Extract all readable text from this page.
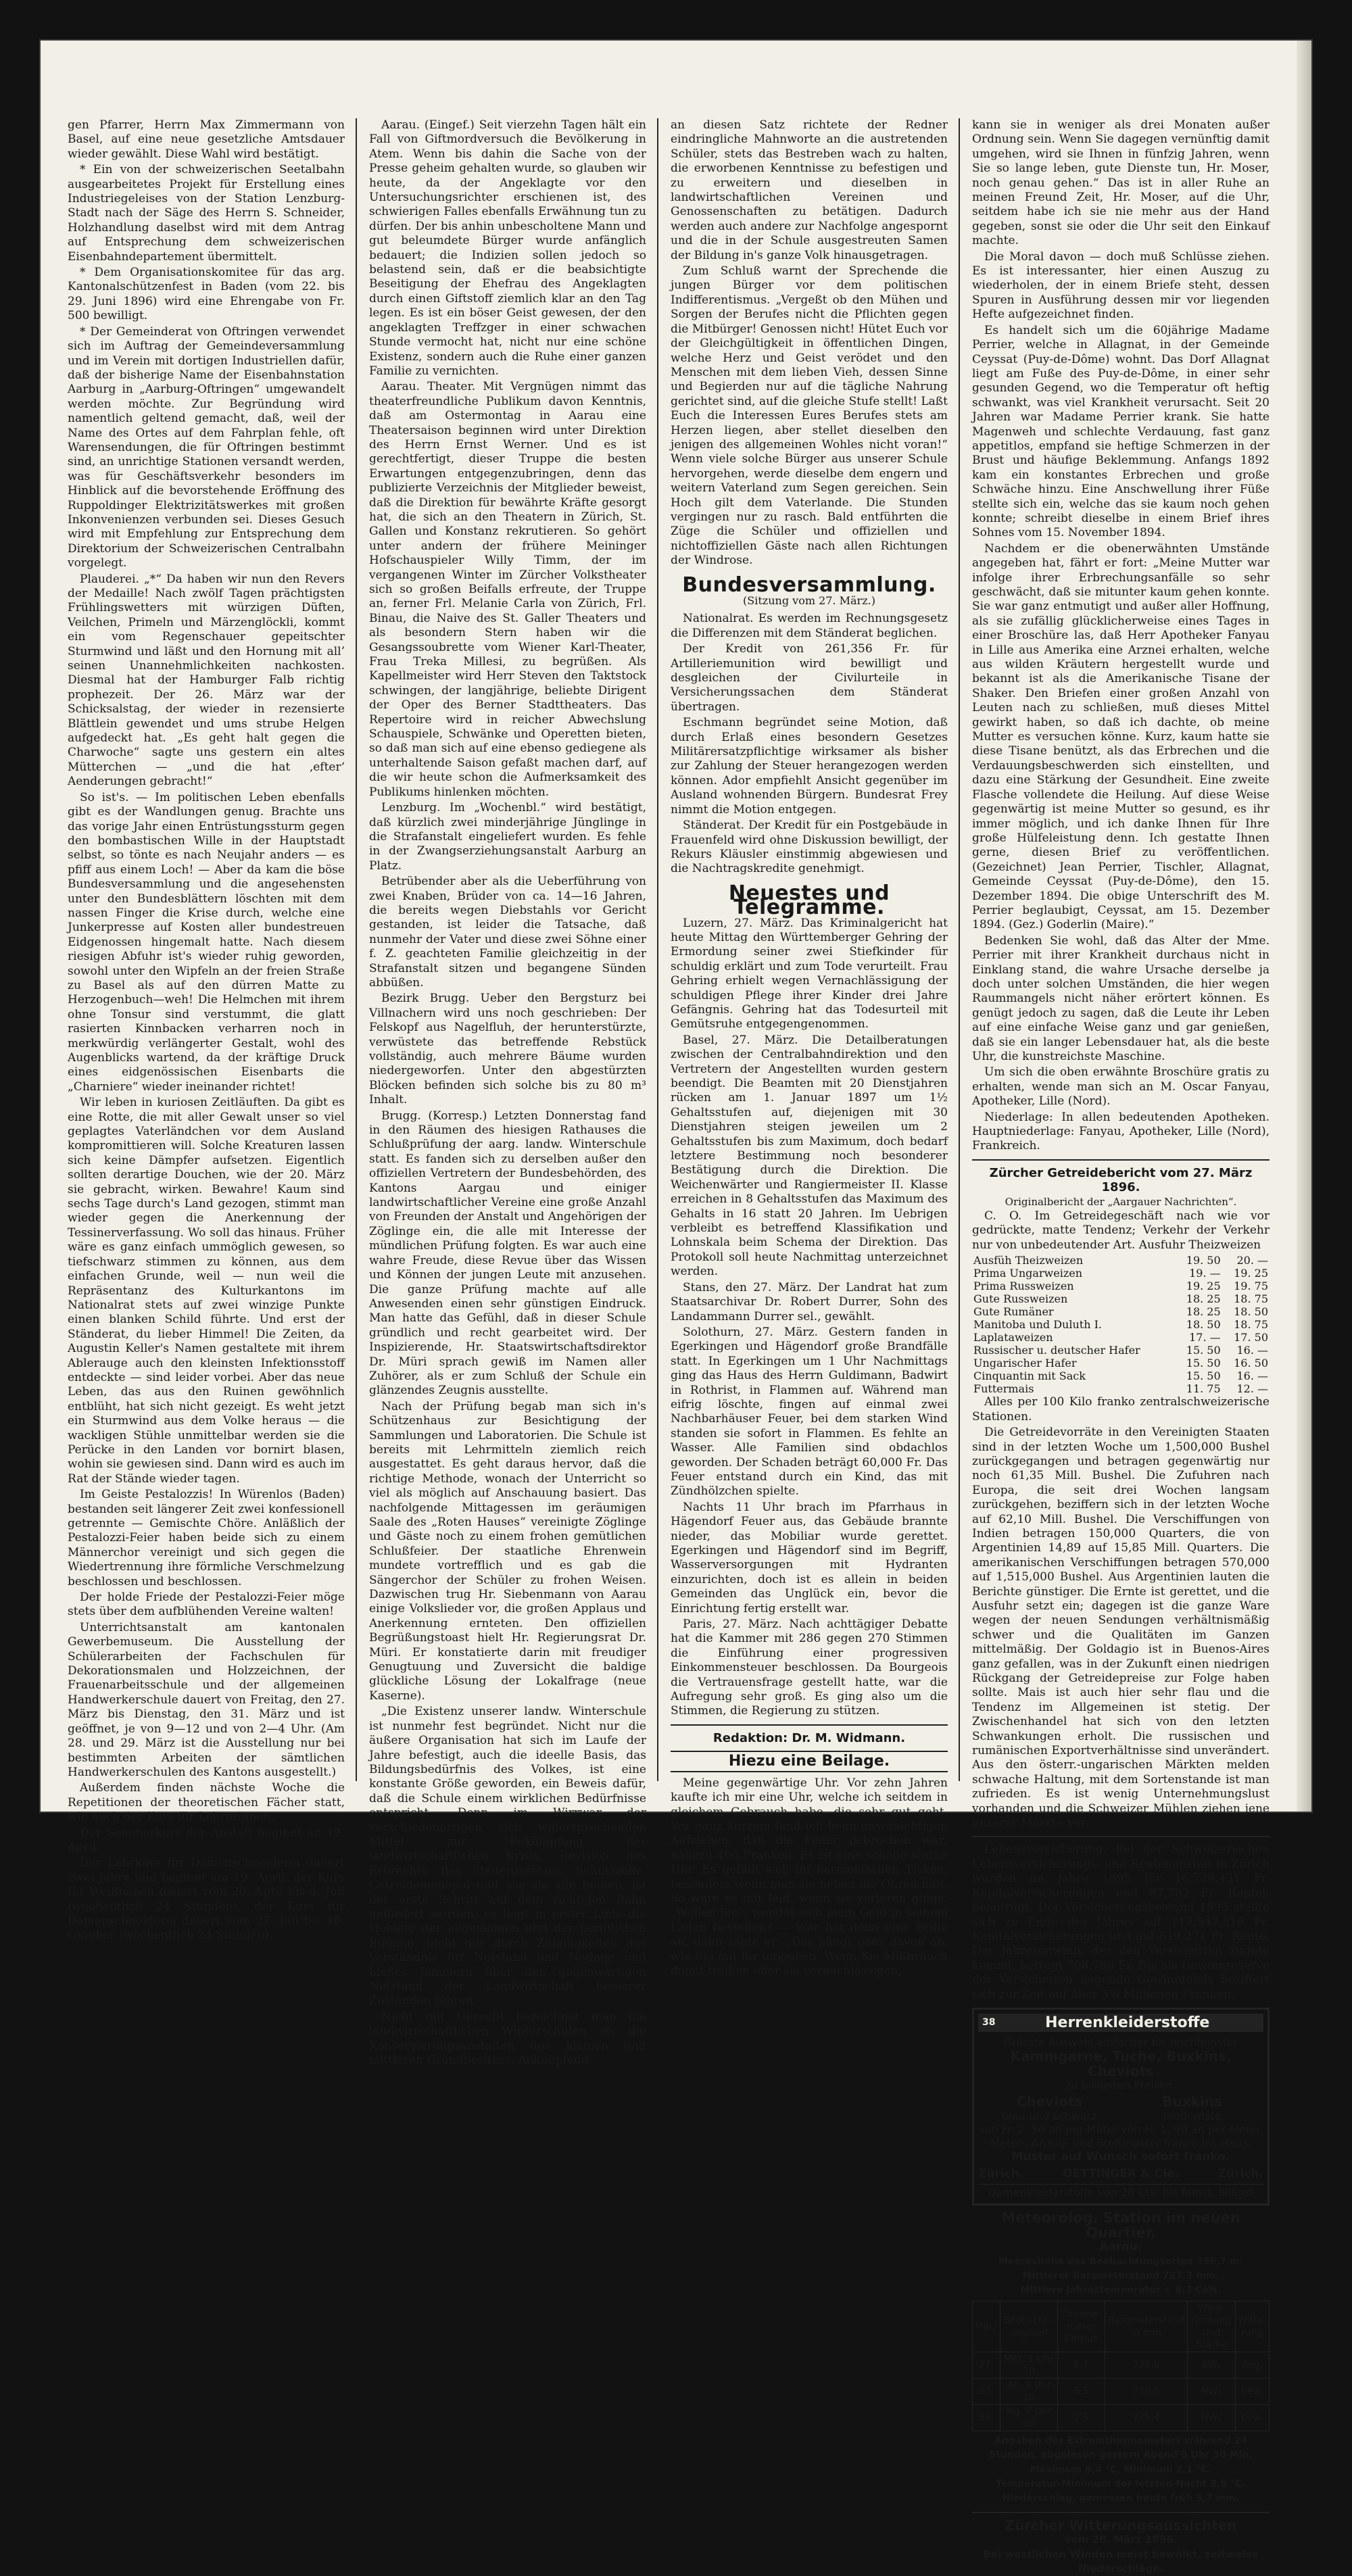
gen Pfarrer, Herrn Max Zimmermann von Basel, auf eine neue gesetzliche Amtsdauer wieder gewählt. Diese Wahl wird bestätigt.

* Ein von der schweizerischen Seetalbahn ausgearbeitetes Projekt für Erstellung eines Industriegeleises von der Station Lenzburg-Stadt nach der Säge des Herrn S. Schneider, Holzhandlung daselbst wird mit dem Antrag auf Entsprechung dem schweizerischen Eisenbahndepartement übermittelt.

* Dem Organisationskomitee für das arg. Kantonalschützenfest in Baden (vom 22. bis 29. Juni 1896) wird eine Ehrengabe von Fr. 500 bewilligt.

* Der Gemeinderat von Oftringen verwendet sich im Auftrag der Gemeindeversammlung und im Verein mit dortigen Industriellen dafür, daß der bisherige Name der Eisenbahnstation Aarburg in „Aarburg-Oftringen“ umgewandelt werden möchte. Zur Begründung wird namentlich geltend gemacht, daß, weil der Name des Ortes auf dem Fahrplan fehle, oft Warensendungen, die für Oftringen bestimmt sind, an unrichtige Stationen versandt werden, was für Geschäftsverkehr besonders im Hinblick auf die bevorstehende Eröffnung des Ruppoldinger Elektrizitätswerkes mit großen Inkonvenienzen verbunden sei. Dieses Gesuch wird mit Empfehlung zur Entsprechung dem Direktorium der Schweizerischen Centralbahn vorgelegt.

Plauderei. „*“ Da haben wir nun den Revers der Medaille! Nach zwölf Tagen prächtigsten Frühlingswetters mit würzigen Düften, Veilchen, Primeln und Märzenglöckli, kommt ein vom Regenschauer gepeitschter Sturmwind und läßt und den Hornung mit all’ seinen Unannehmlichkeiten nachkosten. Diesmal hat der Hamburger Falb richtig prophezeit. Der 26. März war der Schicksalstag, der wieder in rezensierte Blättlein gewendet und ums strube Helgen aufgedeckt hat. „Es geht halt gegen die Charwoche“ sagte uns gestern ein altes Mütterchen — „und die hat ‚efter‘ Aenderungen gebracht!“

So ist's. — Im politischen Leben ebenfalls gibt es der Wandlungen genug. Brachte uns das vorige Jahr einen Entrüstungssturm gegen den bombastischen Wille in der Hauptstadt selbst, so tönte es nach Neujahr anders — es pfiff aus einem Loch! — Aber da kam die böse Bundesversammlung und die angesehensten unter den Bundesblättern löschten mit dem nassen Finger die Krise durch, welche eine Junkerpresse auf Kosten aller bundestreuen Eidgenossen hingemalt hatte. Nach diesem riesigen Abfuhr ist's wieder ruhig geworden, sowohl unter den Wipfeln an der freien Straße zu Basel als auf den dürren Matte zu Herzogenbuch—weh! Die Helmchen mit ihrem ohne Tonsur sind verstummt, die glatt rasierten Kinnbacken verharren noch in merkwürdig verlängerter Gestalt, wohl des Augenblicks wartend, da der kräftige Druck eines eidgenössischen Eisenbarts die „Charniere“ wieder ineinander richtet!

Wir leben in kuriosen Zeitläuften. Da gibt es eine Rotte, die mit aller Gewalt unser so viel geplagtes Vaterländchen vor dem Ausland kompromittieren will. Solche Kreaturen lassen sich keine Dämpfer aufsetzen. Eigentlich sollten derartige Douchen, wie der 20. März sie gebracht, wirken. Bewahre! Kaum sind sechs Tage durch's Land gezogen, stimmt man wieder gegen die Anerkennung der Tessinerverfassung. Wo soll das hinaus. Früher wäre es ganz einfach ummöglich gewesen, so tiefschwarz stimmen zu können, aus dem einfachen Grunde, weil — nun weil die Repräsentanz des Kulturkantons im Nationalrat stets auf zwei winzige Punkte einen blanken Schild führte. Und erst der Ständerat, du lieber Himmel! Die Zeiten, da Augustin Keller's Namen gestaltete mit ihrem Ablerauge auch den kleinsten Infektionsstoff entdeckte — sind leider vorbei. Aber das neue Leben, das aus den Ruinen gewöhnlich entblüht, hat sich nicht gezeigt. Es weht jetzt ein Sturmwind aus dem Volke heraus — die wackligen Stühle unmittelbar werden sie die Perücke in den Landen vor bornirt blasen, wohin sie gewiesen sind. Dann wird es auch im Rat der Stände wieder tagen.

Im Geiste Pestalozzis! In Würenlos (Baden) bestanden seit längerer Zeit zwei konfessionell getrennte — Gemischte Chöre. Anläßlich der Pestalozzi-Feier haben beide sich zu einem Männerchor vereinigt und sich gegen die Wiedertrennung ihre förmliche Verschmelzung beschlossen und beschlossen.

Der holde Friede der Pestalozzi-Feier möge stets über dem aufblühenden Vereine walten!

Unterrichtsanstalt am kantonalen Gewerbemuseum. Die Ausstellung der Schülerarbeiten der Fachschulen für Dekorationsmalen und Holzzeichnen, der Frauenarbeitsschule und der allgemeinen Handwerkerschule dauert von Freitag, den 27. März bis Dienstag, den 31. März und ist geöffnet, je von 9—12 und von 2—4 Uhr. (Am 28. und 29. März ist die Ausstellung nur bei bestimmten Arbeiten der sämtlichen Handwerkerschulen des Kantons ausgestellt.)

Außerdem finden nächste Woche die Repetitionen der theoretischen Fächer statt, wie auch der Kurs für Lehrerinnen.

Der Sommerkurs der Anstalt beginnt an 19. April.

Der Lehrkurs für Damenschneiderei dauert zwei Jahre und beginnt am 19. April, der Kurs für Weißnähen dauert vom 20. April bis 4. Juli (wöchentlich 24 Stunden), der Kurs für Damenschneiderei dauert vom 27. Juli bis 10. Oktober (wöchentlich 24 Stunden).

Aarau. (Eingef.) Seit vierzehn Tagen hält ein Fall von Giftmordversuch die Bevölkerung in Atem. Wenn bis dahin die Sache von der Presse geheim gehalten wurde, so glauben wir heute, da der Angeklagte vor den Untersuchungsrichter erschienen ist, des schwierigen Falles ebenfalls Erwähnung tun zu dürfen. Der bis anhin unbescholtene Mann und gut beleumdete Bürger wurde anfänglich bedauert; die Indizien sollen jedoch so belastend sein, daß er die beabsichtigte Beseitigung der Ehefrau des Angeklagten durch einen Giftstoff ziemlich klar an den Tag legen. Es ist ein böser Geist gewesen, der den angeklagten Treffzger in einer schwachen Stunde vermocht hat, nicht nur eine schöne Existenz, sondern auch die Ruhe einer ganzen Familie zu vernichten.

Aarau. Theater. Mit Vergnügen nimmt das theaterfreundliche Publikum davon Kenntnis, daß am Ostermontag in Aarau eine Theatersaison beginnen wird unter Direktion des Herrn Ernst Werner. Und es ist gerechtfertigt, dieser Truppe die besten Erwartungen entgegenzubringen, denn das publizierte Verzeichnis der Mitglieder beweist, daß die Direktion für bewährte Kräfte gesorgt hat, die sich an den Theatern in Zürich, St. Gallen und Konstanz rekrutieren. So gehört unter andern der frühere Meininger Hofschauspieler Willy Timm, der im vergangenen Winter im Zürcher Volkstheater sich so großen Beifalls erfreute, der Truppe an, ferner Frl. Melanie Carla von Zürich, Frl. Binau, die Naive des St. Galler Theaters und als besondern Stern haben wir die Gesangssoubrette vom Wiener Karl-Theater, Frau Treka Millesi, zu begrüßen. Als Kapellmeister wird Herr Steven den Taktstock schwingen, der langjährige, beliebte Dirigent der Oper des Berner Stadttheaters. Das Repertoire wird in reicher Abwechslung Schauspiele, Schwänke und Operetten bieten, so daß man sich auf eine ebenso gediegene als unterhaltende Saison gefaßt machen darf, auf die wir heute schon die Aufmerksamkeit des Publikums hinlenken möchten.

Lenzburg. Im „Wochenbl.“ wird bestätigt, daß kürzlich zwei minderjährige Jünglinge in die Strafanstalt eingeliefert wurden. Es fehle in der Zwangserziehungsanstalt Aarburg an Platz.

Betrübender aber als die Ueberführung von zwei Knaben, Brüder von ca. 14—16 Jahren, die bereits wegen Diebstahls vor Gericht gestanden, ist leider die Tatsache, daß nunmehr der Vater und diese zwei Söhne einer f. Z. geachteten Familie gleichzeitig in der Strafanstalt sitzen und begangene Sünden abbüßen.

Bezirk Brugg. Ueber den Bergsturz bei Villnachern wird uns noch geschrieben: Der Felskopf aus Nagelfluh, der herunterstürzte, verwüstete das betreffende Rebstück vollständig, auch mehrere Bäume wurden niedergeworfen. Unter den abgestürzten Blöcken befinden sich solche bis zu 80 m³ Inhalt.

Brugg. (Korresp.) Letzten Donnerstag fand in den Räumen des hiesigen Rathauses die Schlußprüfung der aarg. landw. Winterschule statt. Es fanden sich zu derselben außer den offiziellen Vertretern der Bundesbehörden, des Kantons Aargau und einiger landwirtschaftlicher Vereine eine große Anzahl von Freunden der Anstalt und Angehörigen der Zöglinge ein, die alle mit Interesse der mündlichen Prüfung folgten. Es war auch eine wahre Freude, diese Revue über das Wissen und Können der jungen Leute mit anzusehen. Die ganze Prüfung machte auf alle Anwesenden einen sehr günstigen Eindruck. Man hatte das Gefühl, daß in dieser Schule gründlich und recht gearbeitet wird. Der Inspizierende, Hr. Staatswirtschaftsdirektor Dr. Müri sprach gewiß im Namen aller Zuhörer, als er zum Schluß der Schule ein glänzendes Zeugnis ausstellte.

Nach der Prüfung begab man sich in's Schützenhaus zur Besichtigung der Sammlungen und Laboratorien. Die Schule ist bereits mit Lehrmitteln ziemlich reich ausgestattet. Es geht daraus hervor, daß die richtige Methode, wonach der Unterricht so viel als möglich auf Anschauung basiert. Das nachfolgende Mittagessen im geräumigen Saale des „Roten Hauses“ vereinigte Zöglinge und Gäste noch zu einem frohen gemütlichen Schlußfeier. Der staatliche Ehrenwein mundete vortrefflich und es gab die Sängerchor der Schüler zu frohen Weisen. Dazwischen trug Hr. Siebenmann von Aarau einige Volkslieder vor, die großen Applaus und Anerkennung ernteten. Den offiziellen Begrüßungstoast hielt Hr. Regierungsrat Dr. Müri. Er konstatierte darin mit freudiger Genugtuung und Zuversicht die baldige glückliche Lösung der Lokalfrage (neue Kaserne).

„Die Existenz unserer landw. Winterschule ist nunmehr fest begründet. Nicht nur die äußere Organisation hat sich im Laufe der Jahre befestigt, auch die ideelle Basis, das Bildungsbedürfnis des Volkes, ist eine konstante Größe geworden, ein Beweis dafür, daß die Schule einem wirklichen Bedürfnisse entspricht. Denn im Wirrwar der verschiedenartigen sich widersprechenden Mittel zur Bekämpfung der landwirtschaftlichen Krisis, Revision des Erbrechts, des Steuergesetzes, Schutzzölle, Getreidemonopol und wie sie alle heißen, ist der erste Schritt auf dem richtigen Bahn gefördert worden; es liegt in erster Linie die Hebung der allgemeinen und der beruflichen Bildung, nicht nur durch Zufälligkeiten das Verständnis für Notstand und Notlage und bloßes Jammern über den gegenwärtigen Notstand der Landwirtschaft besserer Zuständen führen.

Nicht mit Unrecht bezeichnet man die landwirtschaftlichen Winterschulen als die Konservierungsanstalten des kleinen und mittleren Grundbesitzes. Anknüpfend

an diesen Satz richtete der Redner eindringliche Mahnworte an die austretenden Schüler, stets das Bestreben wach zu halten, die erworbenen Kenntnisse zu befestigen und zu erweitern und dieselben in landwirtschaftlichen Vereinen und Genossenschaften zu betätigen. Dadurch werden auch andere zur Nachfolge angespornt und die in der Schule ausgestreuten Samen der Bildung in's ganze Volk hinausgetragen.

Zum Schluß warnt der Sprechende die jungen Bürger vor dem politischen Indifferentismus. „Vergeßt ob den Mühen und Sorgen der Berufes nicht die Pflichten gegen die Mitbürger! Genossen nicht! Hütet Euch vor der Gleichgültigkeit in öffentlichen Dingen, welche Herz und Geist verödet und den Menschen mit dem lieben Vieh, dessen Sinne und Begierden nur auf die tägliche Nahrung gerichtet sind, auf die gleiche Stufe stellt! Laßt Euch die Interessen Eures Berufes stets am Herzen liegen, aber stellet dieselben den jenigen des allgemeinen Wohles nicht voran!“ Wenn viele solche Bürger aus unserer Schule hervorgehen, werde dieselbe dem engern und weitern Vaterland zum Segen gereichen. Sein Hoch gilt dem Vaterlande. Die Stunden vergingen nur zu rasch. Bald entführten die Züge die Schüler und offiziellen und nichtoffiziellen Gäste nach allen Richtungen der Windrose.

Bundesversammlung.
(Sitzung vom 27. März.)

Nationalrat. Es werden im Rechnungsgesetz die Differenzen mit dem Ständerat beglichen.

Der Kredit von 261,356 Fr. für Artilleriemunition wird bewilligt und desgleichen der Civilurteile in Versicherungssachen dem Ständerat übertragen.

Eschmann begründet seine Motion, daß durch Erlaß eines besondern Gesetzes Militärersatzpflichtige wirksamer als bisher zur Zahlung der Steuer herangezogen werden können. Ador empfiehlt Ansicht gegenüber im Ausland wohnenden Bürgern. Bundesrat Frey nimmt die Motion entgegen.

Ständerat. Der Kredit für ein Postgebäude in Frauenfeld wird ohne Diskussion bewilligt, der Rekurs Kläusler einstimmig abgewiesen und die Nachtragskredite genehmigt.

Neuestes und Telegramme.

Luzern, 27. März. Das Kriminalgericht hat heute Mittag den Württemberger Gehring der Ermordung seiner zwei Stiefkinder für schuldig erklärt und zum Tode verurteilt. Frau Gehring erhielt wegen Vernachlässigung der schuldigen Pflege ihrer Kinder drei Jahre Gefängnis. Gehring hat das Todesurteil mit Gemütsruhe entgegengenommen.

Basel, 27. März. Die Detailberatungen zwischen der Centralbahndirektion und den Vertretern der Angestellten wurden gestern beendigt. Die Beamten mit 20 Dienstjahren rücken am 1. Januar 1897 um 1½ Gehaltsstufen auf, diejenigen mit 30 Dienstjahren steigen jeweilen um 2 Gehaltsstufen bis zum Maximum, doch bedarf letztere Bestimmung noch besonderer Bestätigung durch die Direktion. Die Weichenwärter und Rangiermeister II. Klasse erreichen in 8 Gehaltsstufen das Maximum des Gehalts in 16 statt 20 Jahren. Im Uebrigen verbleibt es betreffend Klassifikation und Lohnskala beim Schema der Direktion. Das Protokoll soll heute Nachmittag unterzeichnet werden.

Stans, den 27. März. Der Landrat hat zum Staatsarchivar Dr. Robert Durrer, Sohn des Landammann Durrer sel., gewählt.

Solothurn, 27. März. Gestern fanden in Egerkingen und Hägendorf große Brandfälle statt. In Egerkingen um 1 Uhr Nachmittags ging das Haus des Herrn Guldimann, Badwirt in Rothrist, in Flammen auf. Während man eifrig löschte, fingen auf einmal zwei Nachbarhäuser Feuer, bei dem starken Wind standen sie sofort in Flammen. Es fehlte an Wasser. Alle Familien sind obdachlos geworden. Der Schaden beträgt 60,000 Fr. Das Feuer entstand durch ein Kind, das mit Zündhölzchen spielte.

Nachts 11 Uhr brach im Pfarrhaus in Hägendorf Feuer aus, das Gebäude brannte nieder, das Mobiliar wurde gerettet. Egerkingen und Hägendorf sind im Begriff, Wasserversorgungen mit Hydranten einzurichten, doch ist es allein in beiden Gemeinden das Unglück ein, bevor die Einrichtung fertig erstellt war.

Paris, 27. März. Nach achttägiger Debatte hat die Kammer mit 286 gegen 270 Stimmen die Einführung einer progressiven Einkommensteuer beschlossen. Da Bourgeois die Vertrauensfrage gestellt hatte, war die Aufregung sehr groß. Es ging also um die Stimmen, die Regierung zu stützen.

Redaktion: Dr. M. Widmann.
Hiezu eine Beilage.

Meine gegenwärtige Uhr. Vor zehn Jahren kaufte ich mir eine Uhr, welche ich seitdem in gleichem Gebrauch habe, die sehr gut geht. Vor ganz kurzem fand ich beim unvorsichtigen Aufziehen, daß die Feder gebrochen war; nahezu 400 Franken. Es ist eine schöne starke Uhr. Es gefällt sich im harmonischen Ticken, besonders wenn man sie neben die Ohren hält. So wäre es mir leid, wenn sie verloren ginge. „Wollen Sie“, wendet sich mein Geld in seinem Laden bestellen? — Wer hat denn eine Brille an, dann sagte er: „Das hängt ganz davon ab, wie Sie mit ihr umgehen. Wenn Sie Mißbrauch damit treiben oder sie vernachlässigen,

kann sie in weniger als drei Monaten außer Ordnung sein. Wenn Sie dagegen vernünftig damit umgehen, wird sie Ihnen in fünfzig Jahren, wenn Sie so lange leben, gute Dienste tun, Hr. Moser, noch genau gehen.“ Das ist in aller Ruhe an meinen Freund Zeit, Hr. Moser, auf die Uhr, seitdem habe ich sie nie mehr aus der Hand gegeben, sonst sie oder die Uhr seit den Einkauf machte.

Die Moral davon — doch muß Schlüsse ziehen. Es ist interessanter, hier einen Auszug zu wiederholen, der in einem Briefe steht, dessen Spuren in Ausführung dessen mir vor liegenden Hefte aufgezeichnet finden.

Es handelt sich um die 60jährige Madame Perrier, welche in Allagnat, in der Gemeinde Ceyssat (Puy-de-Dôme) wohnt. Das Dorf Allagnat liegt am Fuße des Puy-de-Dôme, in einer sehr gesunden Gegend, wo die Temperatur oft heftig schwankt, was viel Krankheit verursacht. Seit 20 Jahren war Madame Perrier krank. Sie hatte Magenweh und schlechte Verdauung, fast ganz appetitlos, empfand sie heftige Schmerzen in der Brust und häufige Beklemmung. Anfangs 1892 kam ein konstantes Erbrechen und große Schwäche hinzu. Eine Anschwellung ihrer Füße stellte sich ein, welche das sie kaum noch gehen konnte; schreibt dieselbe in einem Brief ihres Sohnes vom 15. November 1894.

Nachdem er die obenerwähnten Umstände angegeben hat, fährt er fort: „Meine Mutter war infolge ihrer Erbrechungsanfälle so sehr geschwächt, daß sie mitunter kaum gehen konnte. Sie war ganz entmutigt und außer aller Hoffnung, als sie zufällig glücklicherweise eines Tages in einer Broschüre las, daß Herr Apotheker Fanyau in Lille aus Amerika eine Arznei erhalten, welche aus wilden Kräutern hergestellt wurde und bekannt ist als die Amerikanische Tisane der Shaker. Den Briefen einer großen Anzahl von Leuten nach zu schließen, muß dieses Mittel gewirkt haben, so daß ich dachte, ob meine Mutter es versuchen könne. Kurz, kaum hatte sie diese Tisane benützt, als das Erbrechen und die Verdauungsbeschwerden sich einstellten, und dazu eine Stärkung der Gesundheit. Eine zweite Flasche vollendete die Heilung. Auf diese Weise gegenwärtig ist meine Mutter so gesund, es ihr immer möglich, und ich danke Ihnen für Ihre große Hülfeleistung denn. Ich gestatte Ihnen gerne, diesen Brief zu veröffentlichen. (Gezeichnet) Jean Perrier, Tischler, Allagnat, Gemeinde Ceyssat (Puy-de-Dôme), den 15. Dezember 1894. Die obige Unterschrift des M. Perrier beglaubigt, Ceyssat, am 15. Dezember 1894. (Gez.) Goderlin (Maire).“

Bedenken Sie wohl, daß das Alter der Mme. Perrier mit ihrer Krankheit durchaus nicht in Einklang stand, die wahre Ursache derselbe ja doch unter solchen Umständen, die hier wegen Raummangels nicht näher erörtert können. Es genügt jedoch zu sagen, daß die Leute ihr Leben auf eine einfache Weise ganz und gar genießen, daß sie ein langer Lebensdauer hat, als die beste Uhr, die kunstreichste Maschine.

Um sich die oben erwähnte Broschüre gratis zu erhalten, wende man sich an M. Oscar Fanyau, Apotheker, Lille (Nord).

Niederlage: In allen bedeutenden Apotheken. Hauptniederlage: Fanyau, Apotheker, Lille (Nord), Frankreich.

Zürcher Getreidebericht vom 27. März 1896.
Originalbericht der „Aargauer Nachrichten“.

C. O. Im Getreidegeschäft nach wie vor gedrückte, matte Tendenz; Verkehr der Verkehr nur von unbedeutender Art. Ausfuhr Theizweizen

Ausfüh Theizweizen		19. 50		20. —
Prima Ungarweizen		19. —		19. 25
Prima Russweizen		19. 25		19. 75
Gute Russweizen		18. 25		18. 75
Gute Rumäner		18. 25		18. 50
Manitoba und Duluth I.		18. 50		18. 75
Laplataweizen		17. —		17. 50
Russischer u. deutscher Hafer		15. 50		16. —
Ungarischer Hafer		15. 50		16. 50
Cinquantin mit Sack		15. 50		16. —
Futtermais		11. 75		12. —

Alles per 100 Kilo franko zentralschweizerische Stationen.

Die Getreidevorräte in den Vereinigten Staaten sind in der letzten Woche um 1,500,000 Bushel zurückgegangen und betragen gegenwärtig nur noch 61,35 Mill. Bushel. Die Zufuhren nach Europa, die seit drei Wochen langsam zurückgehen, beziffern sich in der letzten Woche auf 62,10 Mill. Bushel. Die Verschiffungen von Indien betragen 150,000 Quarters, die von Argentinien 14,89 auf 15,85 Mill. Quarters. Die amerikanischen Verschiffungen betragen 570,000 auf 1,515,000 Bushel. Aus Argentinien lauten die Berichte günstiger. Die Ernte ist gerettet, und die Ausfuhr setzt ein; dagegen ist die ganze Ware wegen der neuen Sendungen verhältnismäßig schwer und die Qualitäten im Ganzen mittelmäßig. Der Goldagio ist in Buenos-Aires ganz gefallen, was in der Zukunft einen niedrigen Rückgang der Getreidepreise zur Folge haben sollte. Mais ist auch hier sehr flau und die Tendenz im Allgemeinen ist stetig. Der Zwischenhandel hat sich von den letzten Schwankungen erholt. Die russischen und rumänischen Exportverhältnisse sind unverändert. Aus den österr.-ungarischen Märkten melden schwache Haltung, mit dem Sortenstande ist man zufrieden. Es ist wenig Unternehmungslust vorhanden und die Schweizer Mühlen ziehen jene unserer Märkte vor.

Lebensversicherung. Bei der Schweizerischen Lebensversicherungs- und Rentenanstalt in Zürich wurden im Jahre 1895 für 16,728,431 Fr. Kapitalversicherungen und 87,782 Fr. Renten beantragt. Der Versicherungsbestand 1895 stellte sich zu Ende des Jahres auf 117,547,516 Fr. Kapitalversicherungen und auf 519,271 Fr. Rente. Der Jahresgewinn, der den Versicherten zugute kommt, beträgt 708,788 Fr. Die als Gewinnreserve der Versicherten liegende Gewinnfonds beziffert sich zur Zeit auf über 5¼ Millionen Franken.

38	Herrenkleiderstoffe
Grösste Auswahl einfacher bis hochfeinster
Kammgarne, Tuche, Buxkins, Cheviots
zu billigsten Preisen.
Cheviots
blau und schwarz
von Fr. 2. 50 an per Meter.
Buxkins
modernste
von Fr. 1. 90 an per Meter.
Meter-, Anzug- und Stoffmuster franco ins Haus.
Muster auf Wunsch sofort franko.
Zürich.	OETTINGER & Cie.	Zürich.
Damenkleiderstoffe von 28 Cts. bis feinst, billigst
Meteorolog. Station im neuen Quartier,
Aarau:
Meereshöhe des Beobachtungsortes 396,7 m.
Mittlerer Barometerstand 727,3 mm.
Mittlere Jahrestemperatur + 8,3 Cels.
März	Beobacht.-ungszeit	Thermo-meter Celsius	Barometerstand in mm	Wind-richtung und Stärke	Witte-rung
27.	Mitt. 1 Uhr 30	6,7	725,9	SW₂	Reg.
27.	Ab. 9 Uhr 30	5,5	728,8	NW₂	bew.
28.	Mg. 7 Uhr 30	2,5	725,4	NW₂	bew.
Angaben des Extremthermometers während 24 Stunden, abgelesen gestern Abend 9 Uhr 30 Min. Maximum 9,4 °C. Minimum 2,1 °C.
Temperatur-Minimum der letzten Nacht 2,5 °C.
Niederschlag, gemessen heute früh 3,7 mm.
Zürcher Witterungsaussichten
vom 28. März 1896.
Bei westlichen Winden meist bewölkt, zeitweise Niederschläge.
